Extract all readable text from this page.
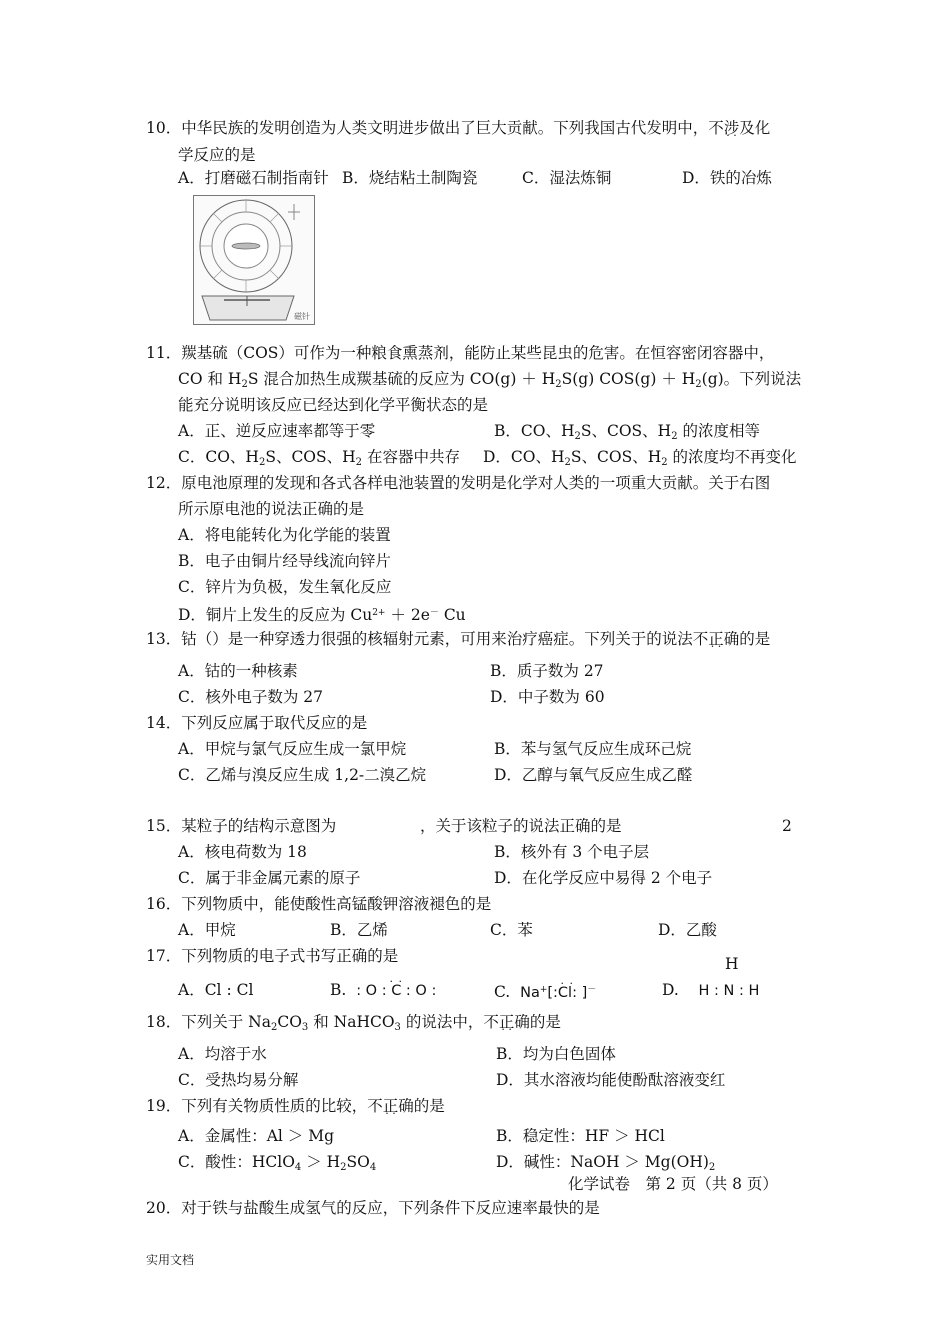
10．中华民族的发明创造为人类文明进步做出了巨大贡献。下列我国古代发明中，不涉及 · ·化
学反应的是
A．打磨磁石制指南针 B．烧结粘土制陶瓷	C．湿法炼铜	D．铁的冶炼
磁针
11．羰基硫（COS）可作为一种粮食熏蒸剂，能防止某些昆虫的危害。在恒容密闭容器中，
CO 和 $H_2S$ 混合加热生成羰基硫的反应为 $CO(g) + H_2S(g) COS(g) + H_2(g)$。下列说法
能充分说明该反应已经达到化学平衡状态的是
A．正、逆反应速率都等于零	B．CO、$H_2S$、COS、$H_2$ 的浓度相等
C．CO、$H_2S$、COS、$H_2$ 在容器中共存 D．CO、$H_2S$、COS、$H_2$ 的浓度均不再变化
12．原电池原理的发现和各式各样电池装置的发明是化学对人类的一项重大贡献。关于右图
所示原电池的说法正确的是
A．将电能转化为化学能的装置
B．电子由铜片经导线流向锌片
C．锌片为负极，发生氧化反应
D．铜片上发生的反应为 $Cu^{2+} + 2e^-$ Cu
13．钴（）是一种穿透力很强的核辐射元素，可用来治疗癌症。下列关于的说法不正确 · ·的是
A．钴的一种核素	B．质子数为 27
C．核外电子数为 27	D．中子数为 60
14．下列反应属于取代反应的是
A．甲烷与氯气反应生成一氯甲烷	B．苯与氢气反应生成环己烷
C．乙烯与溴反应生成 1,2-二溴乙烷	D．乙醇与氧气反应生成乙醛
15．某粒子的结构示意图为	，关于该粒子的说法正确的是	2
A．核电荷数为 18	B．核外有 3 个电子层
C．属于非金属元素的原子	D．在化学反应中易得 2 个电子
16．下列物质中，能使酸性高锰酸钾溶液褪色的是
A．甲烷	B．乙烯	C．苯	D．乙酸
17．下列物质的电子式书写正确的是	H
A．Cl : Cl	B. : O : C : O : · ·	C. Na+[:Cl: ] · ·－	D. H : N : H
18．下列关于 $Na_2CO_3$ 和 NaHCO$_3$ 的说法中，不正确 · ·的是
A．均溶于水	B．均为白色固体
C．受热均易分解	D．其水溶液均能使酚酞溶液变红
19．下列有关物质性质的比较，不正确 · ·的是
A．金属性：Al ＞ Mg	B．稳定性：HF ＞ HCl
C．酸性：HClO$_4$ ＞ $H_2SO_4$	D．碱性：NaOH ＞ $Mg(OH)_2$
化学试卷　第 2 页（共 8 页）
20．对于铁与盐酸生成氢气的反应，下列条件下反应速率最快的是
实用文档
